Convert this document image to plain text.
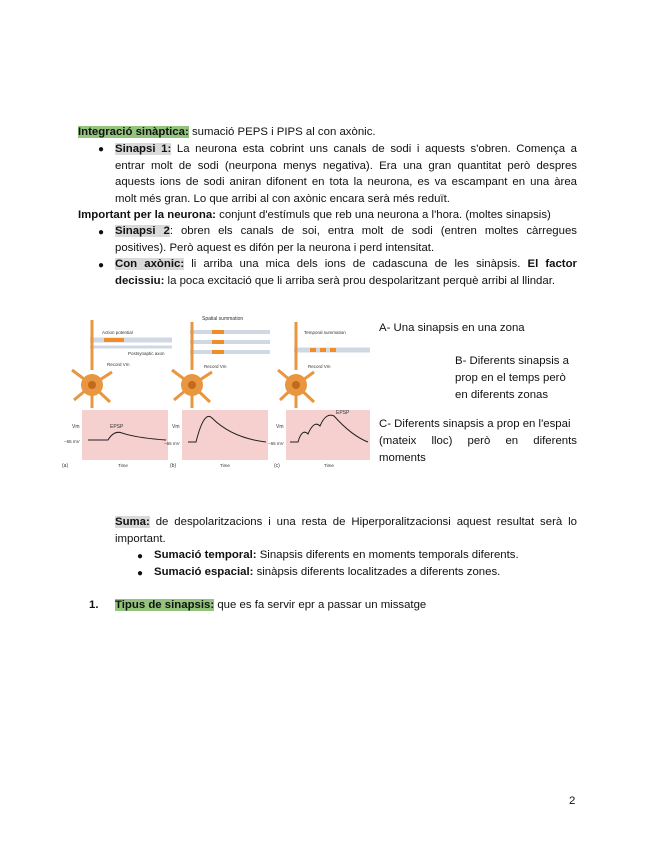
Integració sinàptica: sumació PEPS i PIPS al con axònic.
● Sinapsi 1: La neurona esta cobrint uns canals de sodi i aquests s'obren. Comença a
entrar molt de sodi (neurpona menys negativa). Era una gran quantitat però despres
aquests ions de sodi aniran difonent en tota la neurona, es va escampant en una àrea
molt més gran. Lo que arribi al con axònic encara serà més reduït.
Important per la neurona: conjunt d'estímuls que reb una neurona a l'hora. (moltes sinapsis)
● Sinapsi 2: obren els canals de soi, entra molt de sodi (entren moltes càrregues
positives). Però aquest es difón per la neurona i perd intensitat.
● Con axònic: li arriba una mica dels ions de cadascuna de les sinàpsis. El factor
decissiu: la poca excitació que li arriba serà prou despolaritzant perquè arribi al llindar.
Action potential
Postsynaptic axon
Record Vm
EPSP
Vm
−65 mV
Time
(a)
Spatial summation
Record Vm
Vm
−65 mV
Time
(b)
Temporal summation
Record Vm
EPSP
Vm
−65 mV
Time
(c)
A- Una sinapsis en una zona
B- Diferents sinapsis a
prop en el temps però
en diferents zonas
C- Diferents sinapsis a prop en l'espai
(mateix lloc) però en diferents
moments
Suma: de despolaritzacions i una resta de Hiperporalitzacionsi aquest resultat serà lo
important.
● Sumació temporal: Sinapsis diferents en moments temporals diferents.
● Sumació espacial: sinàpsis diferents localitzades a diferents zones.
1. Tipus de sinapsis: que es fa servir epr a passar un missatge
2
